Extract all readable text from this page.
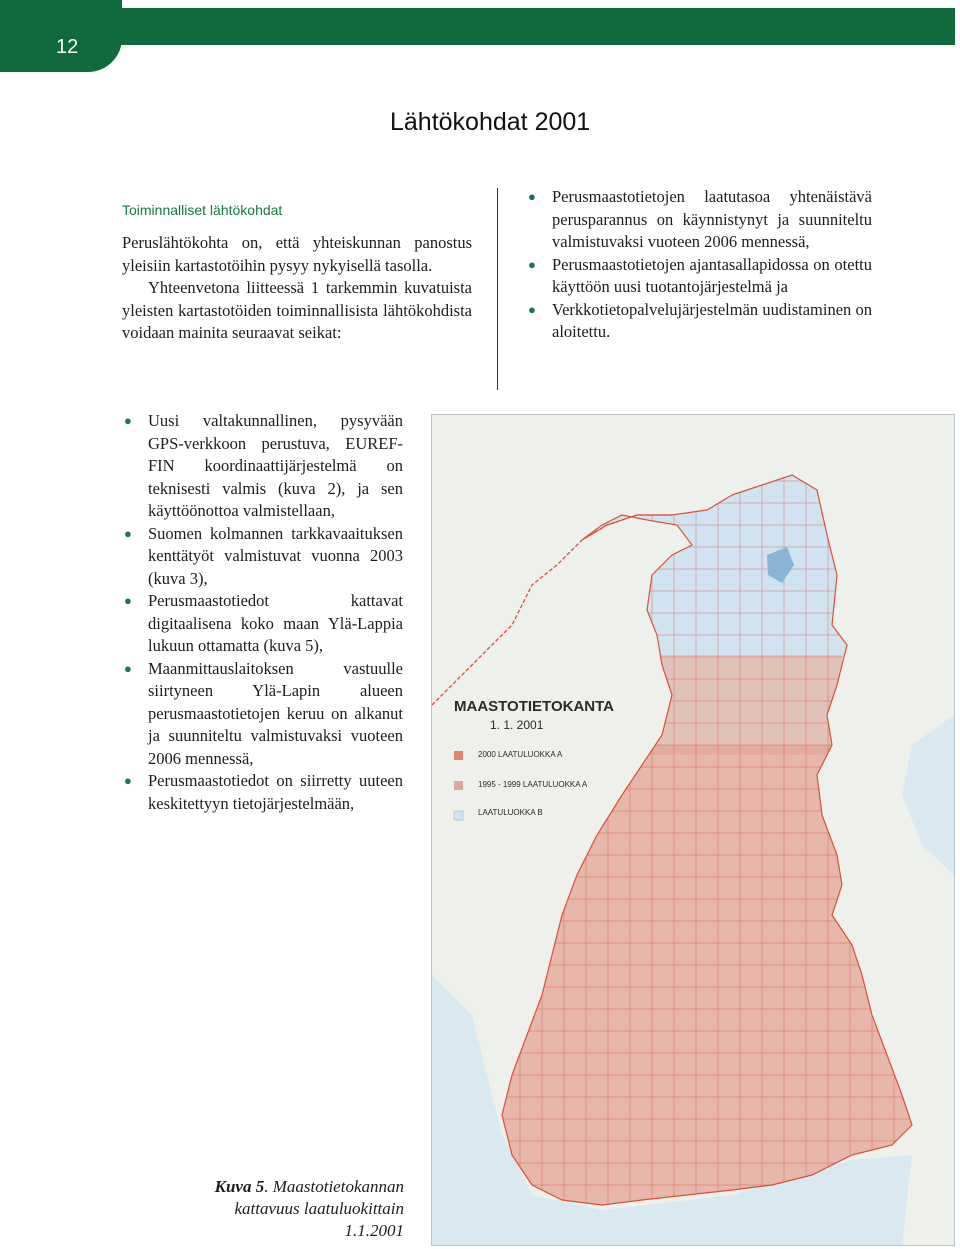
12
Lähtökohdat 2001
Toiminnalliset lähtökohdat

Peruslähtökohta on, että yhteiskunnan panostus yleisiin kartastotöihin pysyy nykyisellä tasolla.

Yhteenvetona liitteessä 1 tarkemmin kuvatuista yleisten kartastotöiden toiminnallisista lähtökohdista voidaan mainita seuraavat seikat:

● Perusmaastotietojen laatutasoa yhtenäistävä perusparannus on käynnistynyt ja suunniteltu valmistuvaksi vuoteen 2006 mennessä,
● Perusmaastotietojen ajantasallapidossa on otettu käyttöön uusi tuotantojärjestelmä ja
● Verkkotietopalvelujärjestelmän uudistaminen on aloitettu.
● Uusi valtakunnallinen, pysyvään GPS-verkkoon perustuva, EUREF-FIN koordinaattijärjestelmä on teknisesti valmis (kuva 2), ja sen käyttöönottoa valmistellaan,
● Suomen kolmannen tarkkavaaituksen kenttätyöt valmistuvat vuonna 2003 (kuva 3),
● Perusmaastotiedot kattavat digitaalisena koko maan Ylä-Lappia lukuun ottamatta (kuva 5),
● Maanmittauslaitoksen vastuulle siirtyneen Ylä-Lapin alueen perusmaastotietojen keruu on alkanut ja suunniteltu valmistuvaksi vuoteen 2006 mennessä,
● Perusmaastotiedot on siirretty uuteen keskitettyyn tietojärjestelmään,
MAASTOTIETOKANTA
1. 1. 2001
2000 LAATULUOKKA A
1995 - 1999 LAATULUOKKA A
LAATULUOKKA B
Kuva 5. Maastotietokannan kattavuus laatuluokittain 1.1.2001
